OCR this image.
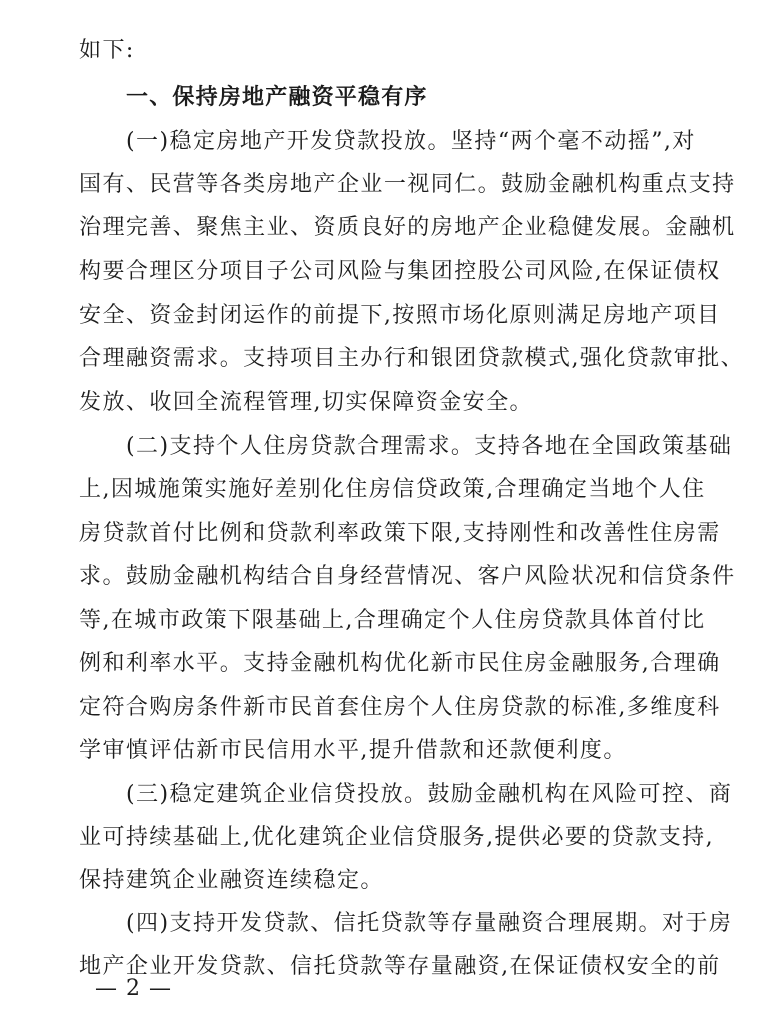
如下:
一、保持房地产融资平稳有序
(一)稳定房地产开发贷款投放。坚持“两个毫不动摇”,对
国有、民营等各类房地产企业一视同仁。鼓励金融机构重点支持
治理完善、聚焦主业、资质良好的房地产企业稳健发展。金融机
构要合理区分项目子公司风险与集团控股公司风险,在保证债权
安全、资金封闭运作的前提下,按照市场化原则满足房地产项目
合理融资需求。支持项目主办行和银团贷款模式,强化贷款审批、
发放、收回全流程管理,切实保障资金安全。
(二)支持个人住房贷款合理需求。支持各地在全国政策基础
上,因城施策实施好差别化住房信贷政策,合理确定当地个人住
房贷款首付比例和贷款利率政策下限,支持刚性和改善性住房需
求。鼓励金融机构结合自身经营情况、客户风险状况和信贷条件
等,在城市政策下限基础上,合理确定个人住房贷款具体首付比
例和利率水平。支持金融机构优化新市民住房金融服务,合理确
定符合购房条件新市民首套住房个人住房贷款的标准,多维度科
学审慎评估新市民信用水平,提升借款和还款便利度。
(三)稳定建筑企业信贷投放。鼓励金融机构在风险可控、商
业可持续基础上,优化建筑企业信贷服务,提供必要的贷款支持,
保持建筑企业融资连续稳定。
(四)支持开发贷款、信托贷款等存量融资合理展期。对于房
地产企业开发贷款、信托贷款等存量融资,在保证债权安全的前
— 2 —
